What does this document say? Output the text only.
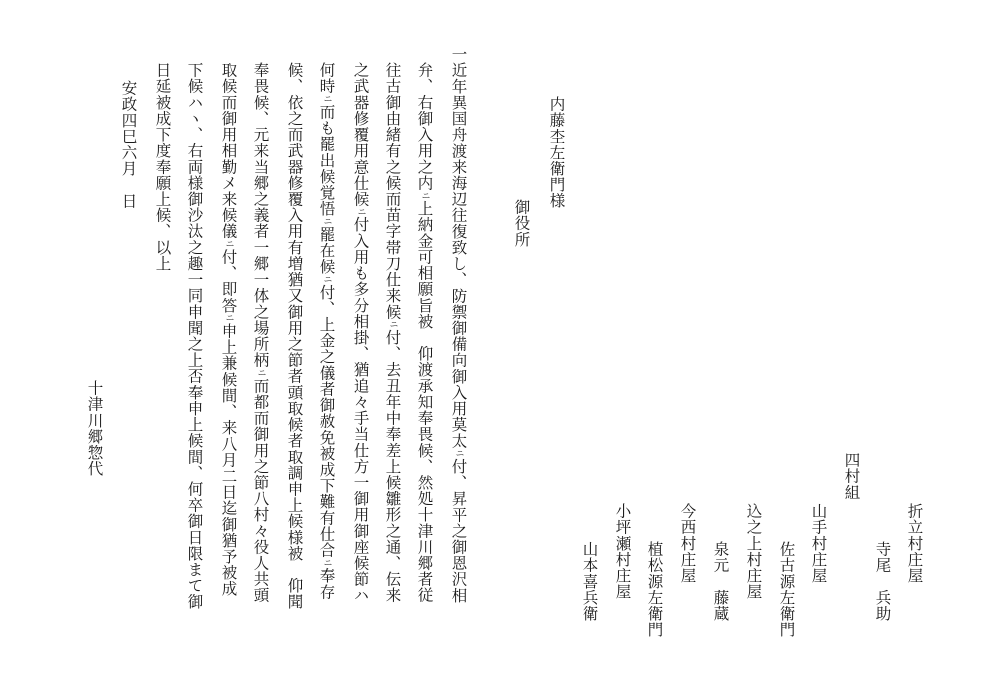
折立村庄屋

寺尾　兵助

四村組

山手村庄屋

佐古源左衛門

込之上村庄屋

泉元　藤蔵

今西村庄屋

植松源左衛門

小坪瀬村庄屋

山本喜兵衛

内藤杢左衛門様

御役所

一近年異国舟渡来海辺往復致し、防禦御備向御入用莫太ニ付、昇平之御恩沢相

弁、右御入用之内ニ上納金可相願旨被　仰渡承知奉畏候、然処十津川郷者従

往古御由緒有之候而苗字帯刀仕来候ニ付、去丑年中奉差上候雛形之通、伝来

之武器修覆用意仕候ニ付入用も多分相掛、猶追々手当仕方一御用御座候節ハ

何時ニ而も罷出候覚悟ニ罷在候ニ付、上金之儀者御赦免被成下難有仕合ニ奉存

候、依之而武器修覆入用有増猶又御用之節者頭取候者取調申上候様被　仰聞

奉畏候、元来当郷之義者一郷一体之場所柄ニ而都而御用之節八村々役人共頭

取候而御用相勤メ来候儀ニ付、即答ニ申上兼候間、来八月二日迄御猶予被成

下候ハヽ、右両様御沙汰之趣一同申聞之上否奉申上候間、何卒御日限まて御

日延被成下度奉願上候、以上

安政四巳六月　日

十津川郷惣代
